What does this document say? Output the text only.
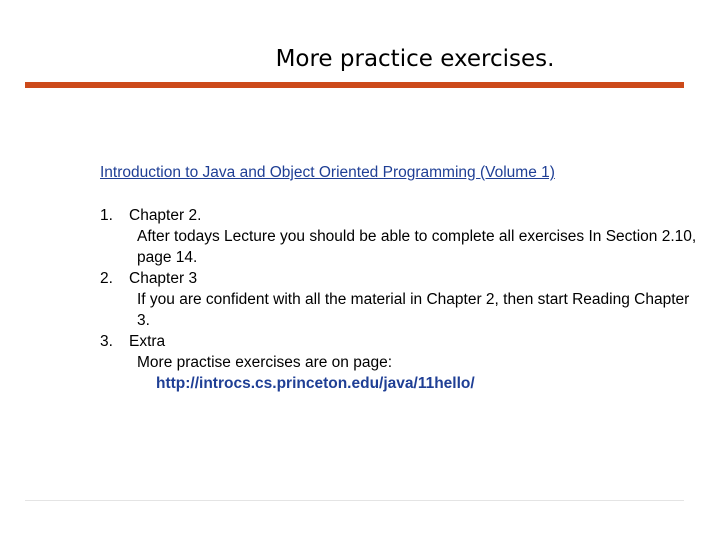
More practice exercises.
Introduction to Java and Object Oriented Programming (Volume 1)
1. Chapter 2.
After todays Lecture you should be able to complete all exercises In Section 2.10, page 14.
2. Chapter 3
If you are confident with all the material in Chapter 2, then start Reading Chapter 3.
3. Extra
More practise exercises are on page:
http://introcs.cs.princeton.edu/java/11hello/
